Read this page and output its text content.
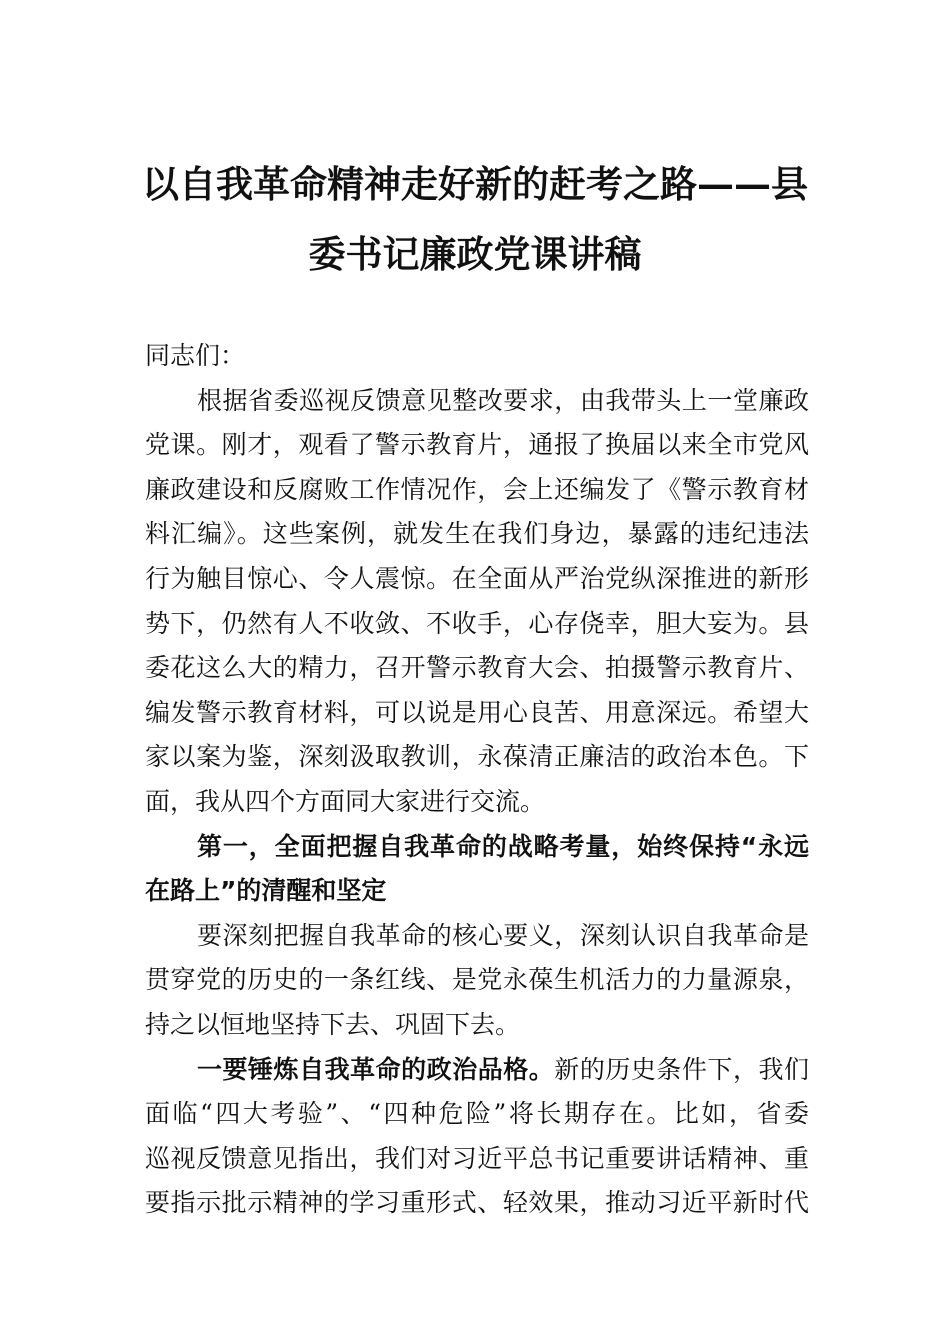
以自我革命精神走好新的赶考之路——县
委书记廉政党课讲稿
同志们：
根据省委巡视反馈意见整改要求，由我带头上一堂廉政
党课。刚才，观看了警示教育片，通报了换届以来全市党风
廉政建设和反腐败工作情况作，会上还编发了《警示教育材
料汇编》。这些案例，就发生在我们身边，暴露的违纪违法
行为触目惊心、令人震惊。在全面从严治党纵深推进的新形
势下，仍然有人不收敛、不收手，心存侥幸，胆大妄为。县
委花这么大的精力，召开警示教育大会、拍摄警示教育片、
编发警示教育材料，可以说是用心良苦、用意深远。希望大
家以案为鉴，深刻汲取教训，永葆清正廉洁的政治本色。下
面，我从四个方面同大家进行交流。
第一，全面把握自我革命的战略考量，始终保持“永远
在路上”的清醒和坚定
要深刻把握自我革命的核心要义，深刻认识自我革命是
贯穿党的历史的一条红线、是党永葆生机活力的力量源泉，
持之以恒地坚持下去、巩固下去。
一要锤炼自我革命的政治品格。新的历史条件下，我们
面临“四大考验”、“四种危险”将长期存在。比如，省委
巡视反馈意见指出，我们对习近平总书记重要讲话精神、重
要指示批示精神的学习重形式、轻效果，推动习近平新时代
